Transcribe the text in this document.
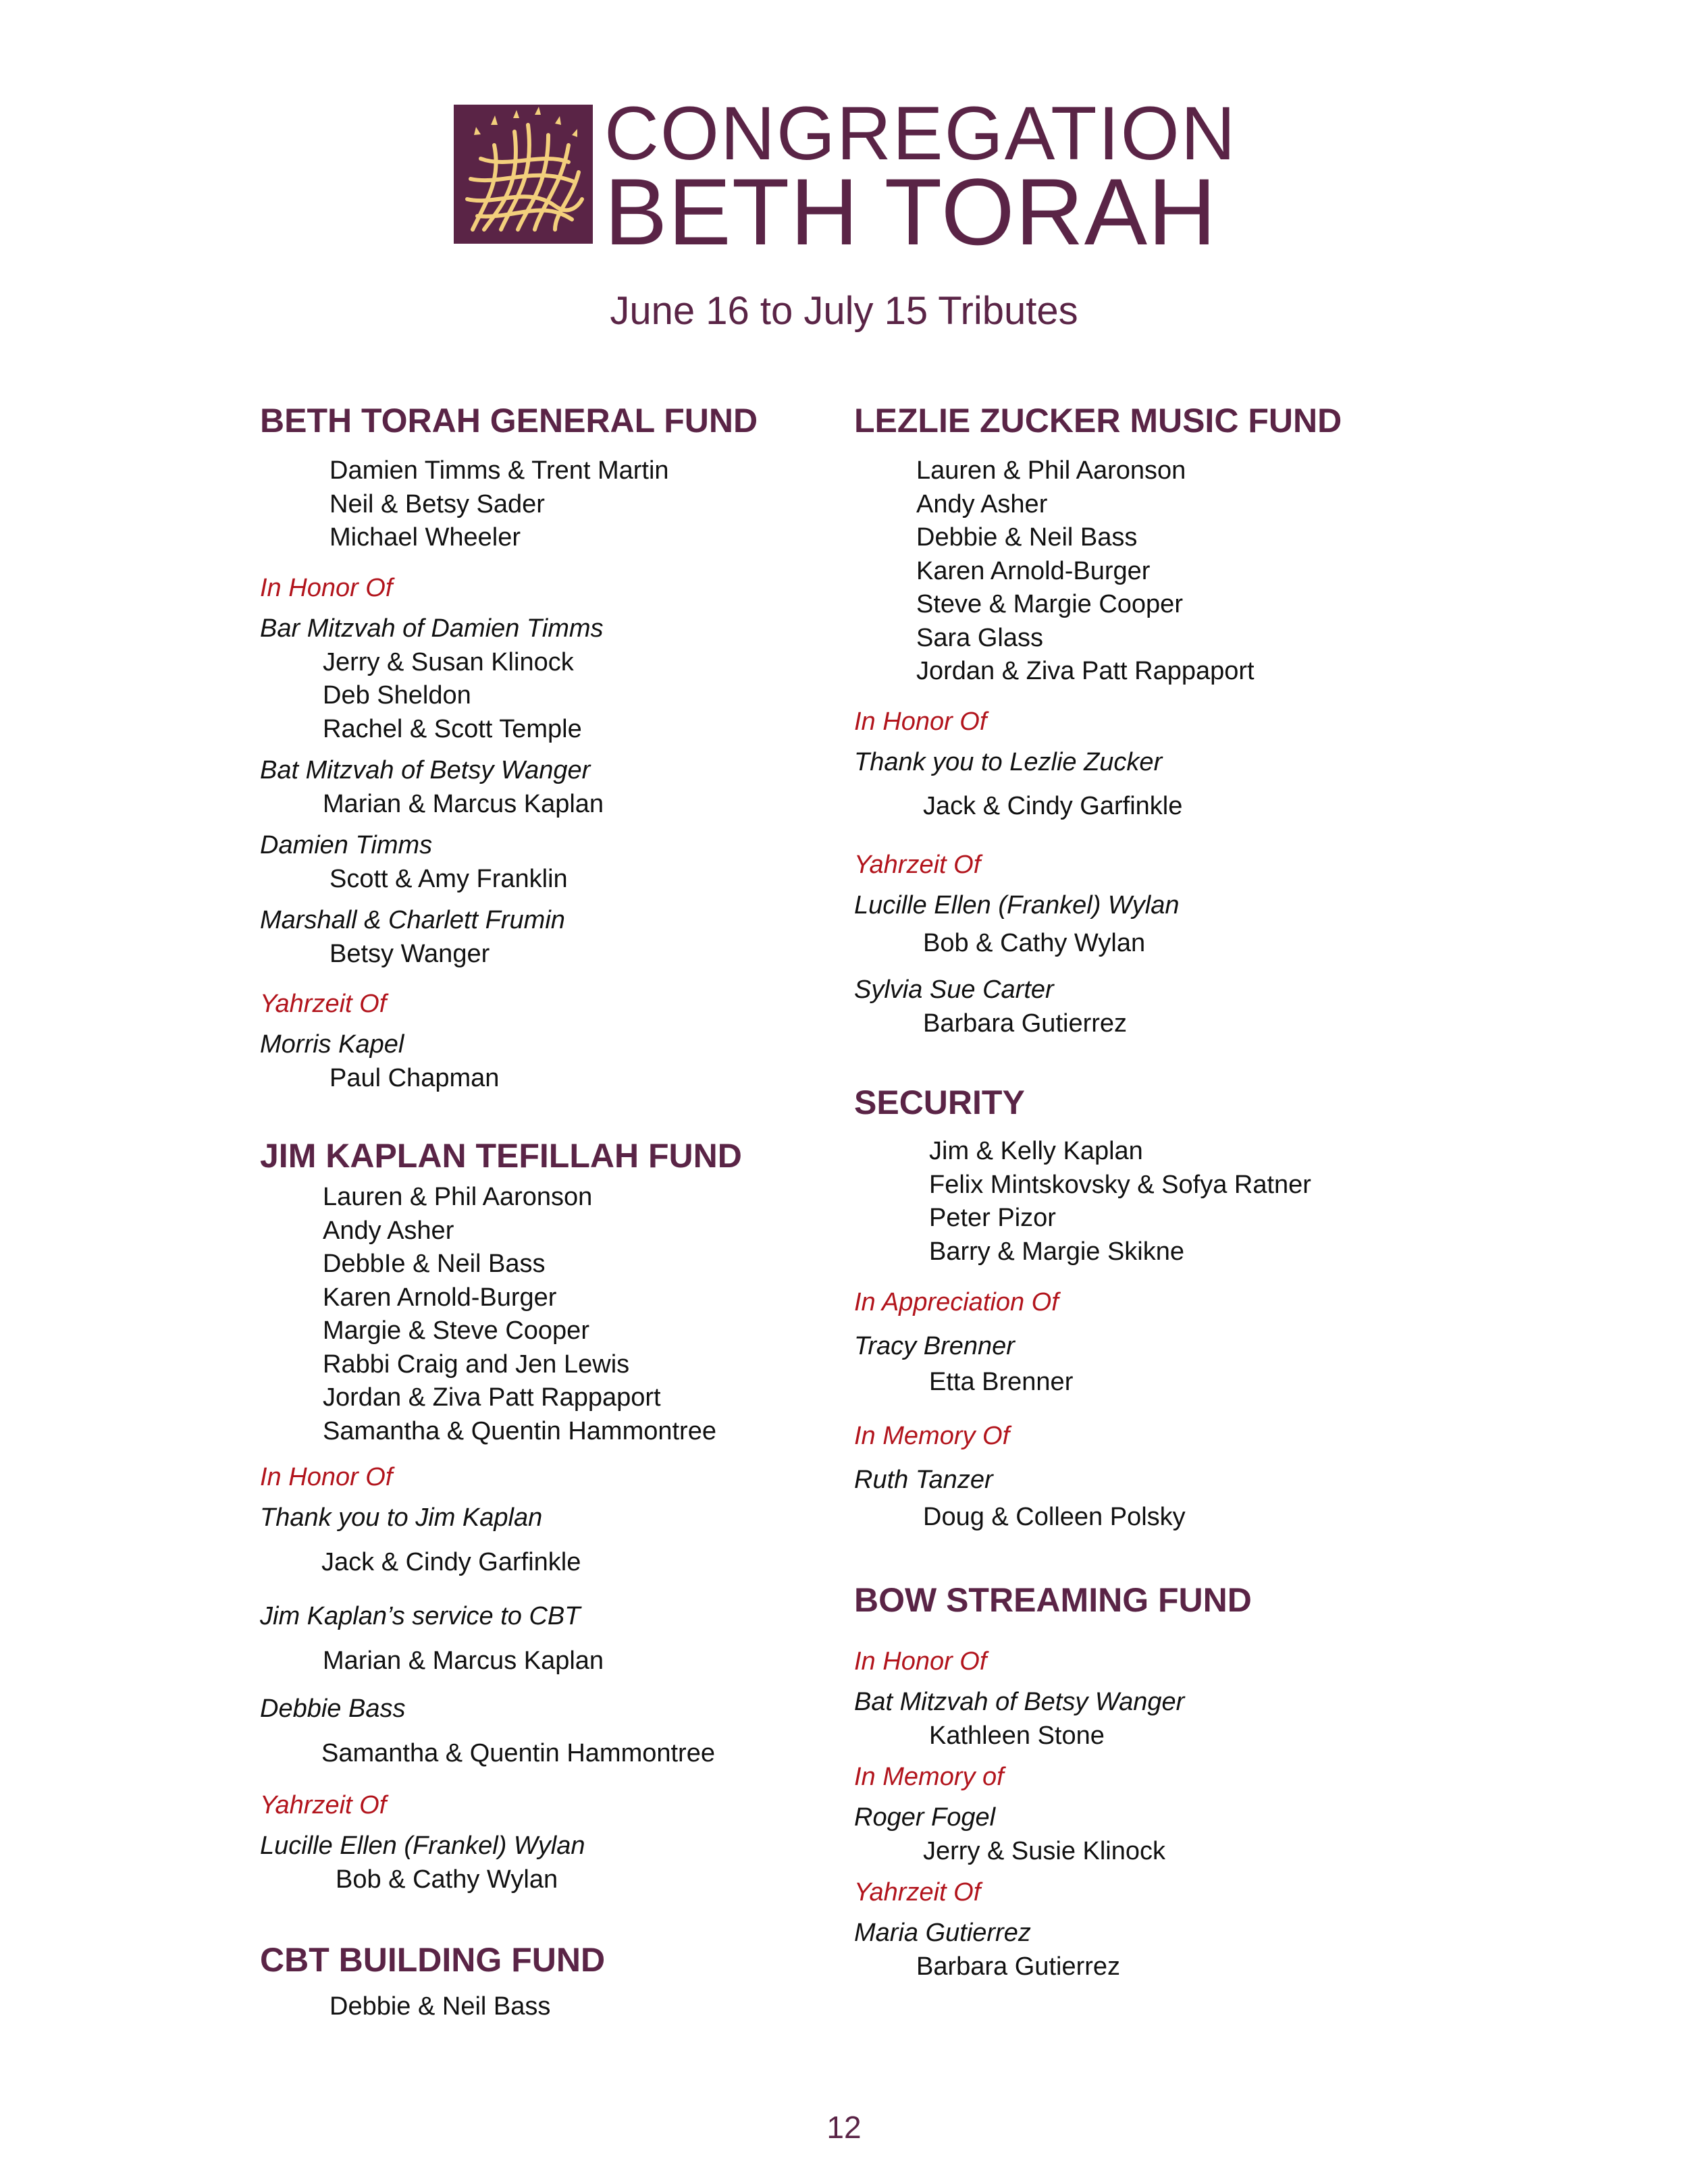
CONGREGATION
BETH TORAH
June 16 to July 15 Tributes
BETH TORAH GENERAL FUND
Damien Timms & Trent Martin
Neil & Betsy Sader
Michael Wheeler
In Honor Of
Bar Mitzvah of Damien Timms
Jerry & Susan Klinock
Deb Sheldon
Rachel & Scott Temple
Bat Mitzvah of Betsy Wanger
Marian & Marcus Kaplan
Damien Timms
Scott & Amy Franklin
Marshall & Charlett Frumin
Betsy Wanger
Yahrzeit Of
Morris Kapel
Paul Chapman
JIM KAPLAN TEFILLAH FUND
Lauren & Phil Aaronson
Andy Asher
DebbIe & Neil Bass
Karen Arnold-Burger
Margie & Steve Cooper
Rabbi Craig and Jen Lewis
Jordan & Ziva Patt Rappaport
Samantha & Quentin Hammontree
In Honor Of
Thank you to Jim Kaplan
Jack & Cindy Garfinkle
Jim Kaplan’s service to CBT
Marian & Marcus Kaplan
Debbie Bass
Samantha & Quentin Hammontree
Yahrzeit Of
Lucille Ellen (Frankel) Wylan
Bob & Cathy Wylan
CBT BUILDING FUND
Debbie & Neil Bass
LEZLIE ZUCKER MUSIC FUND
Lauren & Phil Aaronson
Andy Asher
Debbie & Neil Bass
Karen Arnold-Burger
Steve & Margie Cooper
Sara Glass
Jordan & Ziva Patt Rappaport
In Honor Of
Thank you to Lezlie Zucker
Jack & Cindy Garfinkle
Yahrzeit Of
Lucille Ellen (Frankel) Wylan
Bob & Cathy Wylan
Sylvia Sue Carter
Barbara Gutierrez
SECURITY
Jim & Kelly Kaplan
Felix Mintskovsky & Sofya Ratner
Peter Pizor
Barry & Margie Skikne
In Appreciation Of
Tracy Brenner
Etta Brenner
In Memory Of
Ruth Tanzer
Doug & Colleen Polsky
BOW STREAMING FUND
In Honor Of
Bat Mitzvah of Betsy Wanger
Kathleen Stone
In Memory of
Roger Fogel
Jerry & Susie Klinock
Yahrzeit Of
Maria Gutierrez
Barbara Gutierrez
12
